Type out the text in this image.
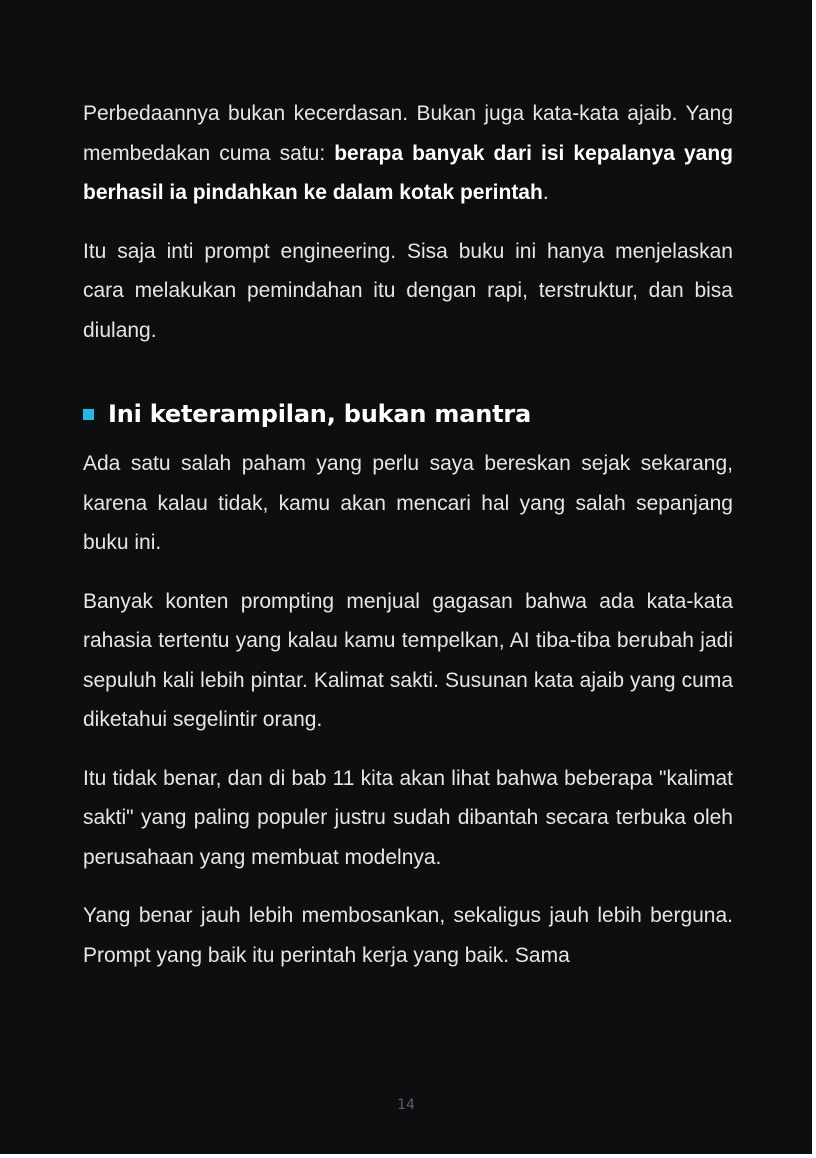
Perbedaannya bukan kecerdasan. Bukan juga kata-kata ajaib. Yang membedakan cuma satu: berapa banyak dari isi kepalanya yang berhasil ia pindahkan ke dalam kotak perintah.

Itu saja inti prompt engineering. Sisa buku ini hanya menjelaskan cara melakukan pemindahan itu dengan rapi, terstruktur, dan bisa diulang.

Ini keterampilan, bukan mantra

Ada satu salah paham yang perlu saya bereskan sejak sekarang, karena kalau tidak, kamu akan mencari hal yang salah sepanjang buku ini.

Banyak konten prompting menjual gagasan bahwa ada kata-kata rahasia tertentu yang kalau kamu tempelkan, AI tiba-tiba berubah jadi sepuluh kali lebih pintar. Kalimat sakti. Susunan kata ajaib yang cuma diketahui segelintir orang.

Itu tidak benar, dan di bab 11 kita akan lihat bahwa beberapa "kalimat sakti" yang paling populer justru sudah dibantah secara terbuka oleh perusahaan yang membuat modelnya.

Yang benar jauh lebih membosankan, sekaligus jauh lebih berguna. Prompt yang baik itu perintah kerja yang baik. Sama

14
